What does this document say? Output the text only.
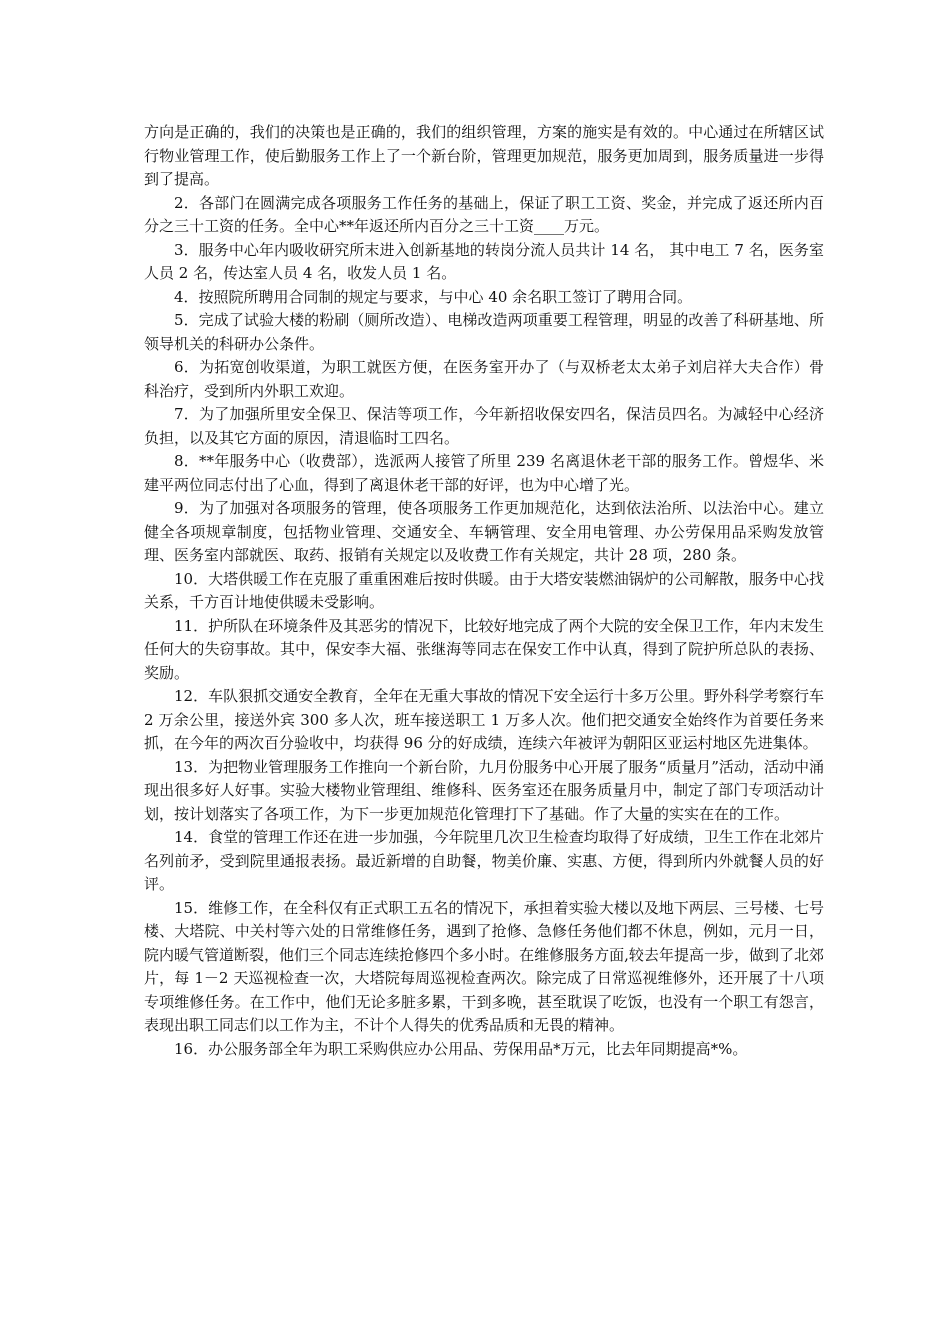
方向是正确的，我们的决策也是正确的，我们的组织管理，方案的施实是有效的。中心通过在所辖区试行物业管理工作，使后勤服务工作上了一个新台阶，管理更加规范，服务更加周到，服务质量进一步得到了提高。

2．各部门在圆满完成各项服务工作任务的基础上，保证了职工工资、奖金，并完成了返还所内百分之三十工资的任务。全中心**年返还所内百分之三十工资____万元。

3．服务中心年内吸收研究所末进入创新基地的转岗分流人员共计 14 名， 其中电工 7 名，医务室人员 2 名，传达室人员 4 名，收发人员 1 名。

4．按照院所聘用合同制的规定与要求，与中心 40 余名职工签订了聘用合同。

5．完成了试验大楼的粉刷（厕所改造）、电梯改造两项重要工程管理，明显的改善了科研基地、所领导机关的科研办公条件。

6．为拓宽创收渠道，为职工就医方便，在医务室开办了（与双桥老太太弟子刘启祥大夫合作）骨科治疗，受到所内外职工欢迎。

7．为了加强所里安全保卫、保洁等项工作，今年新招收保安四名，保洁员四名。为减轻中心经济负担，以及其它方面的原因，清退临时工四名。

8．**年服务中心（收费部），选派两人接管了所里 239 名离退休老干部的服务工作。曾煜华、米建平两位同志付出了心血，得到了离退休老干部的好评，也为中心增了光。

9．为了加强对各项服务的管理，使各项服务工作更加规范化，达到依法治所、以法治中心。建立健全各项规章制度，包括物业管理、交通安全、车辆管理、安全用电管理、办公劳保用品采购发放管理、医务室内部就医、取药、报销有关规定以及收费工作有关规定，共计 28 项，280 条。

10．大塔供暖工作在克服了重重困难后按时供暖。由于大塔安装燃油锅炉的公司解散，服务中心找关系，千方百计地使供暖未受影响。

11．护所队在环境条件及其恶劣的情况下，比较好地完成了两个大院的安全保卫工作，年内末发生任何大的失窃事故。其中，保安李大福、张继海等同志在保安工作中认真，得到了院护所总队的表扬、奖励。

12．车队狠抓交通安全教育，全年在无重大事故的情况下安全运行十多万公里。野外科学考察行车 2 万余公里，接送外宾 300 多人次，班车接送职工 1 万多人次。他们把交通安全始终作为首要任务来抓，在今年的两次百分验收中，均获得 96 分的好成绩，连续六年被评为朝阳区亚运村地区先进集体。

13．为把物业管理服务工作推向一个新台阶，九月份服务中心开展了服务“质量月”活动，活动中涌现出很多好人好事。实验大楼物业管理组、维修科、医务室还在服务质量月中，制定了部门专项活动计划，按计划落实了各项工作，为下一步更加规范化管理打下了基础。作了大量的实实在在的工作。

14．食堂的管理工作还在进一步加强，今年院里几次卫生检查均取得了好成绩，卫生工作在北郊片名列前矛，受到院里通报表扬。最近新增的自助餐，物美价廉、实惠、方便，得到所内外就餐人员的好评。

15．维修工作，在全科仅有正式职工五名的情况下，承担着实验大楼以及地下两层、三号楼、七号楼、大塔院、中关村等六处的日常维修任务，遇到了抢修、急修任务他们都不休息，例如，元月一日，院内暖气管道断裂，他们三个同志连续抢修四个多小时。在维修服务方面,较去年提高一步，做到了北郊片，每 1－2 天巡视检查一次，大塔院每周巡视检查两次。除完成了日常巡视维修外，还开展了十八项专项维修任务。在工作中，他们无论多脏多累，干到多晚，甚至耽误了吃饭，也没有一个职工有怨言，表现出职工同志们以工作为主，不计个人得失的优秀品质和无畏的精神。

16．办公服务部全年为职工采购供应办公用品、劳保用品*万元，比去年同期提高*%。
